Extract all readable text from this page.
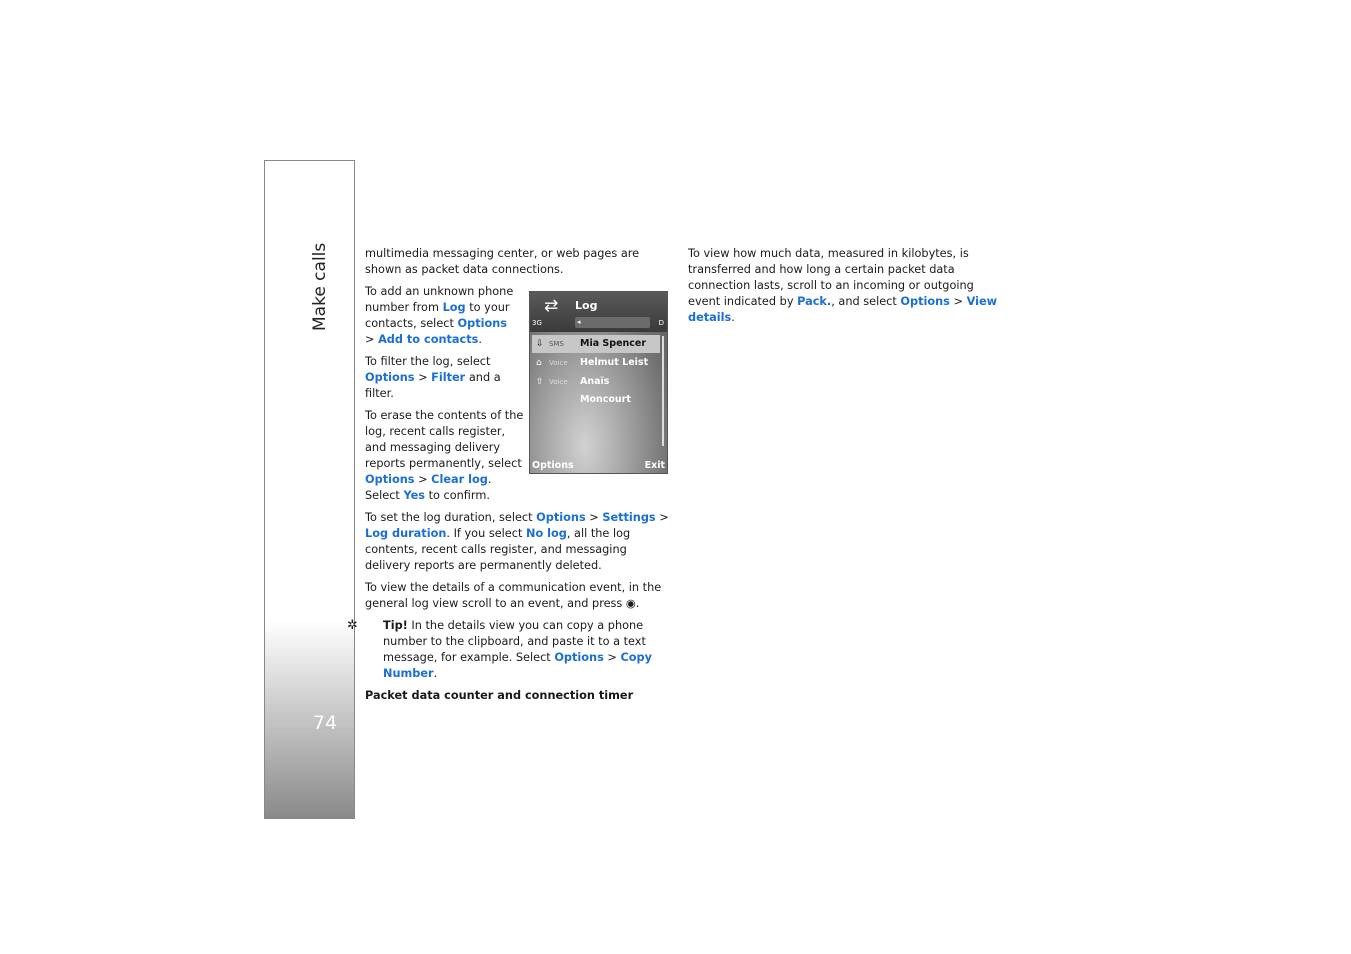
Make calls
74

multimedia messaging center, or web pages are shown as packet data connections.

To add an unknown phone number from Log to your contacts, select Options > Add to contacts.

To filter the log, select Options > Filter and a filter.

To erase the contents of the log, recent calls register, and messaging delivery reports permanently, select Options > Clear log. Select Yes to confirm.

To set the log duration, select Options > Settings > Log duration. If you select No log, all the log contents, recent calls register, and messaging delivery reports are permanently deleted.

To view the details of a communication event, in the general log view scroll to an event, and press ◉.

✲ Tip! In the details view you can copy a phone number to the clipboard, and paste it to a text message, for example. Select Options > Copy Number.

Packet data counter and connection timer

To view how much data, measured in kilobytes, is transferred and how long a certain packet data connection lasts, scroll to an incoming or outgoing event indicated by Pack., and select Options > View details.

⇄ Log
3G	D
◂
⇩ SMS Mia Spencer
⌂ Voice Helmut Leist
⇧ Voice Anaïs Moncourt
Options	Exit
